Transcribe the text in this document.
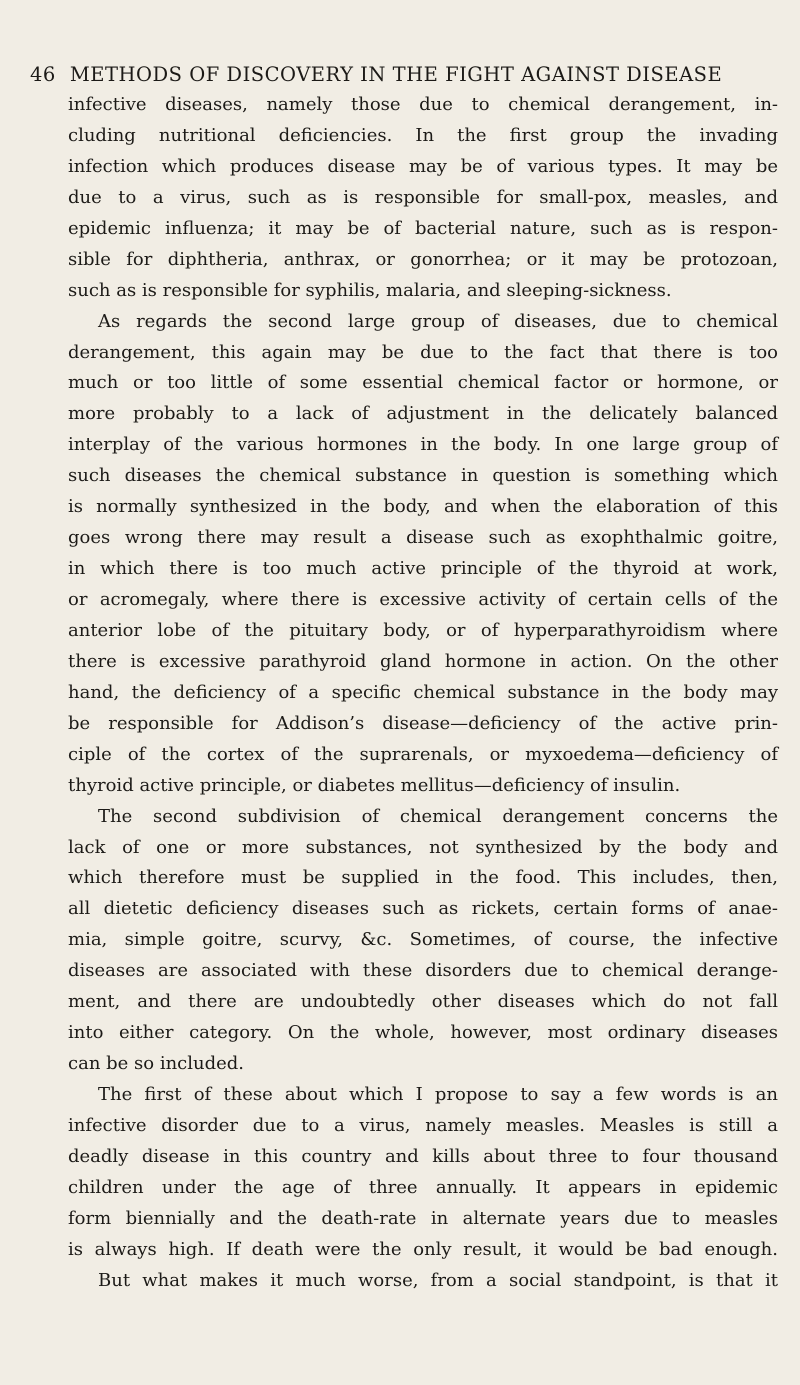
46 METHODS OF DISCOVERY IN THE FIGHT AGAINST DISEASE
infective diseases, namely those due to chemical derangement, in-
cluding nutritional deficiencies. In the first group the invading
infection which produces disease may be of various types. It may be
due to a virus, such as is responsible for small-pox, measles, and
epidemic influenza; it may be of bacterial nature, such as is respon-
sible for diphtheria, anthrax, or gonorrhea; or it may be protozoan,
such as is responsible for syphilis, malaria, and sleeping-sickness.
As regards the second large group of diseases, due to chemical
derangement, this again may be due to the fact that there is too
much or too little of some essential chemical factor or hormone, or
more probably to a lack of adjustment in the delicately balanced
interplay of the various hormones in the body. In one large group of
such diseases the chemical substance in question is something which
is normally synthesized in the body, and when the elaboration of this
goes wrong there may result a disease such as exophthalmic goitre,
in which there is too much active principle of the thyroid at work,
or acromegaly, where there is excessive activity of certain cells of the
anterior lobe of the pituitary body, or of hyperparathyroidism where
there is excessive parathyroid gland hormone in action. On the other
hand, the deficiency of a specific chemical substance in the body may
be responsible for Addison’s disease—deficiency of the active prin-
ciple of the cortex of the suprarenals, or myxoedema—deficiency of
thyroid active principle, or diabetes mellitus—deficiency of insulin.
The second subdivision of chemical derangement concerns the
lack of one or more substances, not synthesized by the body and
which therefore must be supplied in the food. This includes, then,
all dietetic deficiency diseases such as rickets, certain forms of anae-
mia, simple goitre, scurvy, &c. Sometimes, of course, the infective
diseases are associated with these disorders due to chemical derange-
ment, and there are undoubtedly other diseases which do not fall
into either category. On the whole, however, most ordinary diseases
can be so included.
The first of these about which I propose to say a few words is an
infective disorder due to a virus, namely measles. Measles is still a
deadly disease in this country and kills about three to four thousand
children under the age of three annually. It appears in epidemic
form biennially and the death-rate in alternate years due to measles
is always high. If death were the only result, it would be bad enough.
But what makes it much worse, from a social standpoint, is that it
